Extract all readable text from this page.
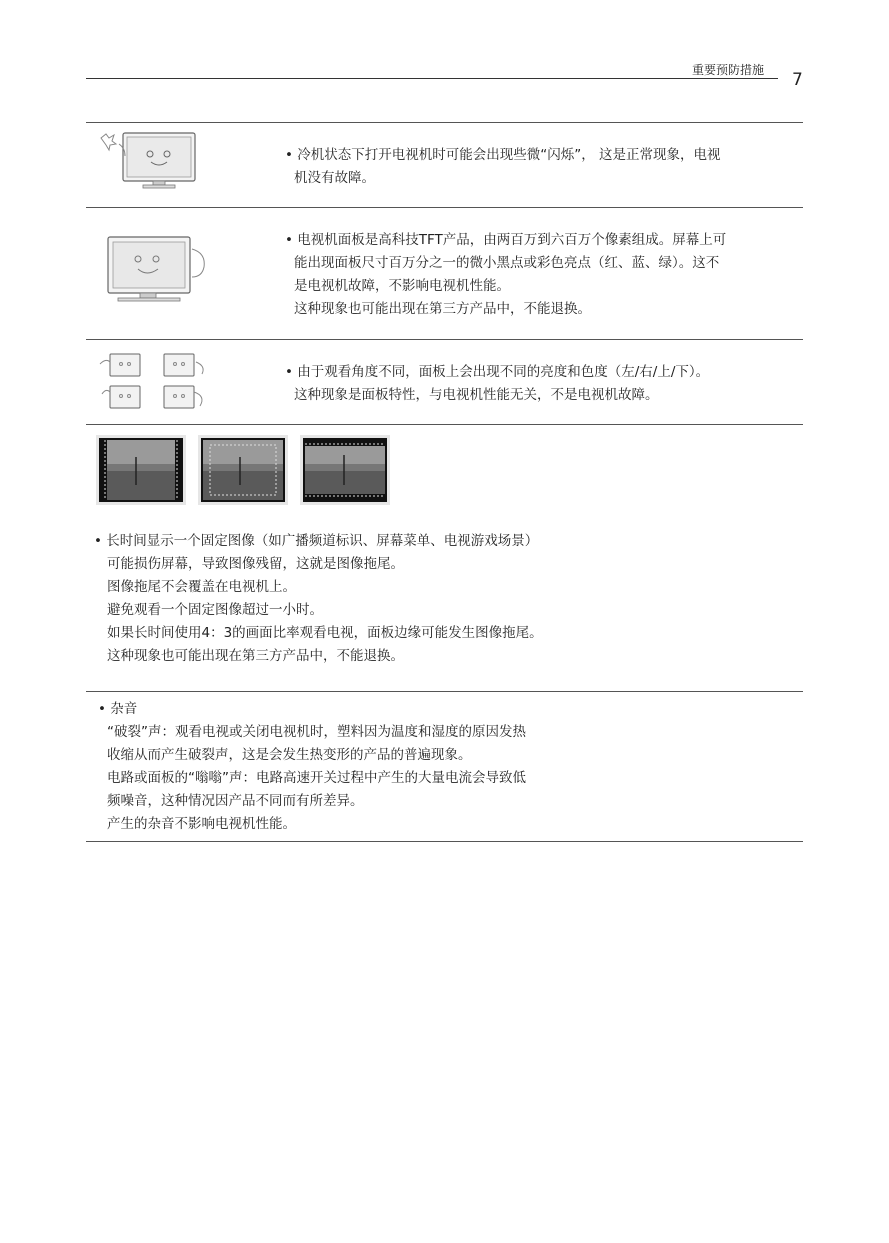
重要预防措施 7

• 冷机状态下打开电视机时可能会出现些微“闪烁”， 这是正常现象，电视

机没有故障。

• 电视机面板是高科技TFT产品，由两百万到六百万个像素组成。屏幕上可

能出现面板尺寸百万分之一的微小黑点或彩色亮点（红、蓝、绿）。这不

是电视机故障，不影响电视机性能。

这种现象也可能出现在第三方产品中，不能退换。

• 由于观看角度不同，面板上会出现不同的亮度和色度（左/右/上/下）。

这种现象是面板特性，与电视机性能无关，不是电视机故障。

• 长时间显示一个固定图像（如广播频道标识、屏幕菜单、电视游戏场景）

可能损伤屏幕，导致图像残留，这就是图像拖尾。

图像拖尾不会覆盖在电视机上。

避免观看一个固定图像超过一小时。

如果长时间使用4：3的画面比率观看电视，面板边缘可能发生图像拖尾。

这种现象也可能出现在第三方产品中，不能退换。

• 杂音

“破裂”声：观看电视或关闭电视机时，塑料因为温度和湿度的原因发热

收缩从而产生破裂声，这是会发生热变形的产品的普遍现象。

电路或面板的“嗡嗡”声：电路高速开关过程中产生的大量电流会导致低

频噪音，这种情况因产品不同而有所差异。

产生的杂音不影响电视机性能。
